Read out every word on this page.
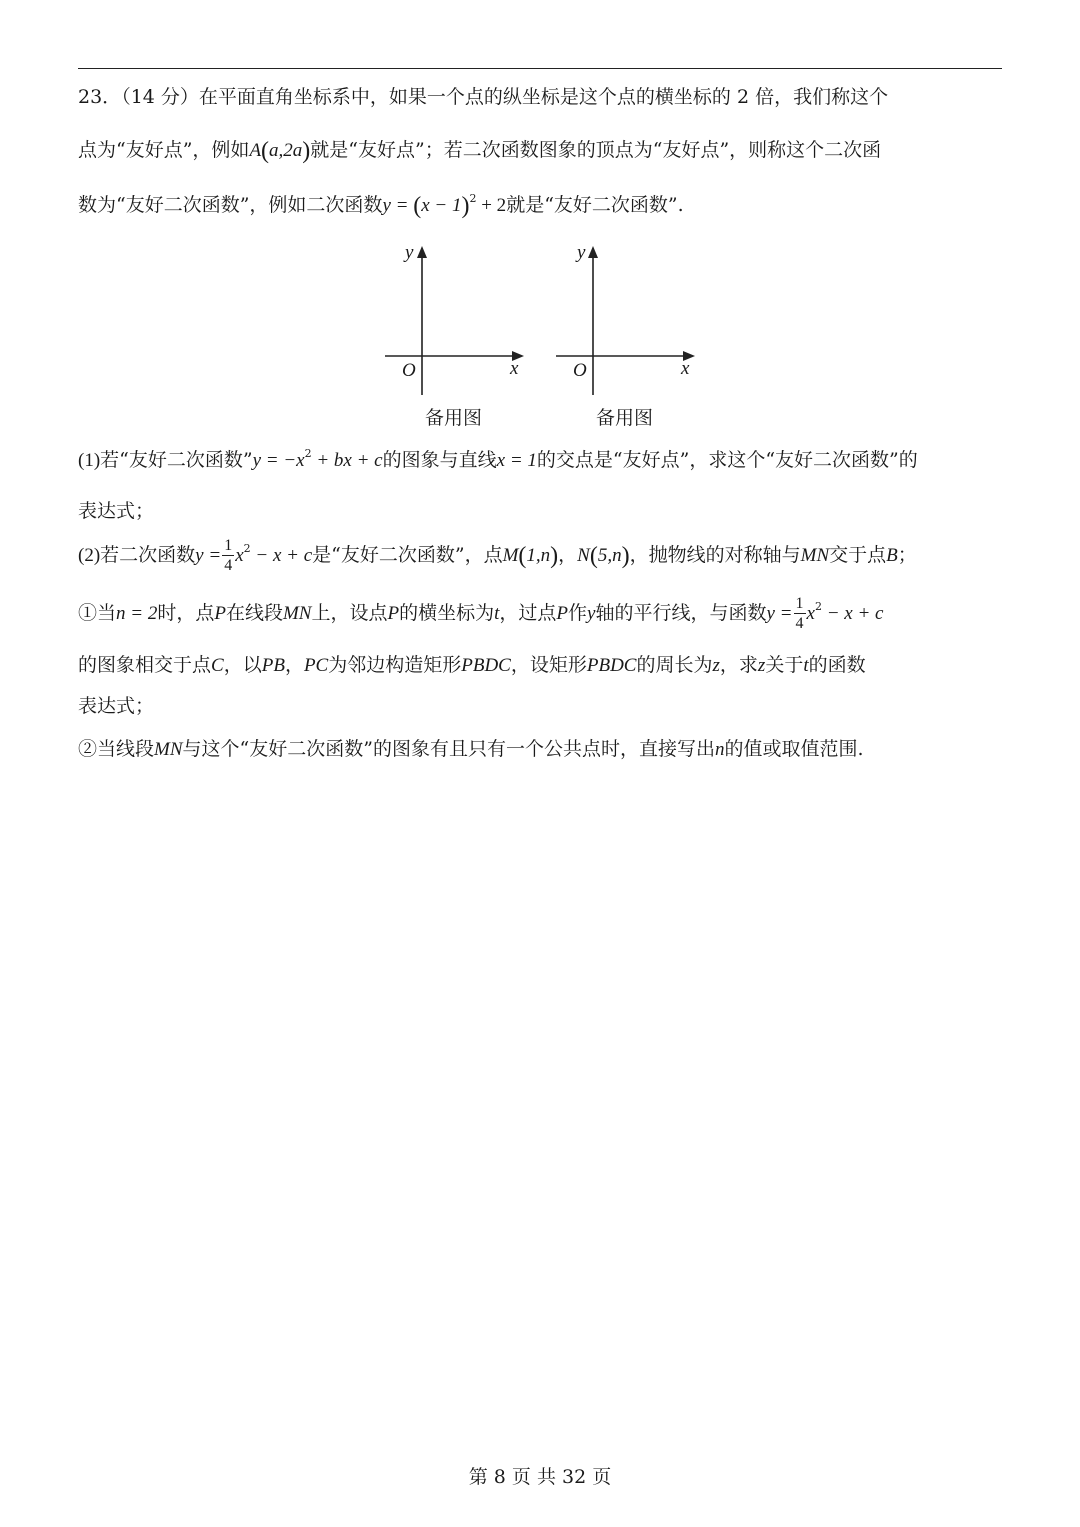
23．（14 分）在平面直角坐标系中，如果一个点的纵坐标是这个点的横坐标的 2 倍，我们称这个
点为“友好点”，例如A(a,2a)就是“友好点”；若二次函数图象的顶点为“友好点”，则称这个二次函
数为“友好二次函数”，例如二次函数$y = (x - 1)^2 + 2$就是“友好二次函数”.
y
x
O
备用图
y
x
O
备用图
(1)若“友好二次函数”y = $-x^2$ + bx + c的图象与直线x = 1的交点是“友好点”，求这个“友好二次函数”的
表达式；
(2)若二次函数$y = \frac{1}{4} x^2 - x + c$是“友好二次函数”，点M(1,n)，N(5,n)，抛物线的对称轴与MN交于点B；
①当n = 2时，点P在线段MN上，设点P的横坐标为t，过点P作y轴的平行线，与函数$y = \frac{1}{4} x^2 - x + c$
的图象相交于点C，以PB，PC为邻边构造矩形PBDC，设矩形PBDC的周长为z，求z关于t的函数
表达式；
②当线段MN与这个“友好二次函数”的图象有且只有一个公共点时，直接写出n的值或取值范围.
第 8 页 共 32 页
